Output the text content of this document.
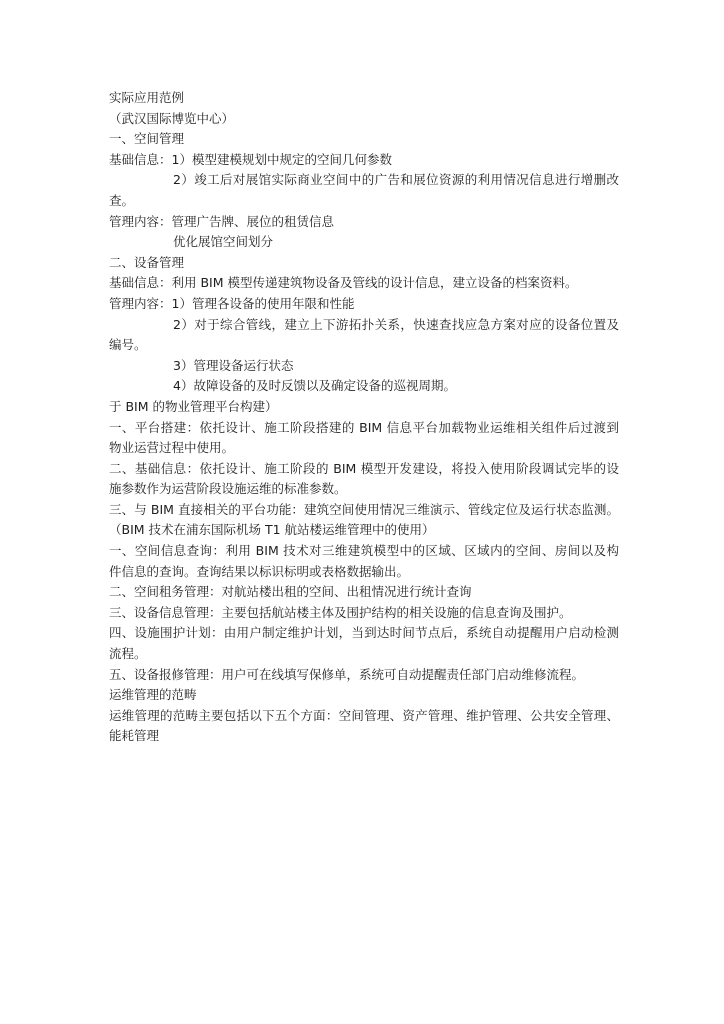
实际应用范例
（武汉国际博览中心）
一、空间管理
基础信息：1）模型建模规划中规定的空间几何参数
2）竣工后对展馆实际商业空间中的广告和展位资源的利用情况信息进行增删改
查。
管理内容：管理广告牌、展位的租赁信息
优化展馆空间划分
二、设备管理
基础信息：利用 BIM 模型传递建筑物设备及管线的设计信息，建立设备的档案资料。
管理内容：1）管理各设备的使用年限和性能
2）对于综合管线，建立上下游拓扑关系，快速查找应急方案对应的设备位置及
编号。
3）管理设备运行状态
4）故障设备的及时反馈以及确定设备的巡视周期。
于 BIM 的物业管理平台构建）
一、平台搭建：依托设计、施工阶段搭建的 BIM 信息平台加载物业运维相关组件后过渡到
物业运营过程中使用。
二、基础信息：依托设计、施工阶段的 BIM 模型开发建设，将投入使用阶段调试完毕的设
施参数作为运营阶段设施运维的标准参数。
三、与 BIM 直接相关的平台功能：建筑空间使用情况三维演示、管线定位及运行状态监测。
（BIM 技术在浦东国际机场 T1 航站楼运维管理中的使用）
一、空间信息查询：利用 BIM 技术对三维建筑模型中的区域、区域内的空间、房间以及构
件信息的查询。查询结果以标识标明或表格数据输出。
二、空间租务管理：对航站楼出租的空间、出租情况进行统计查询
三、设备信息管理：主要包括航站楼主体及围护结构的相关设施的信息查询及围护。
四、设施围护计划：由用户制定维护计划，当到达时间节点后，系统自动提醒用户启动检测
流程。
五、设备报修管理：用户可在线填写保修单，系统可自动提醒责任部门启动维修流程。
运维管理的范畴
运维管理的范畴主要包括以下五个方面：空间管理、资产管理、维护管理、公共安全管理、
能耗管理
